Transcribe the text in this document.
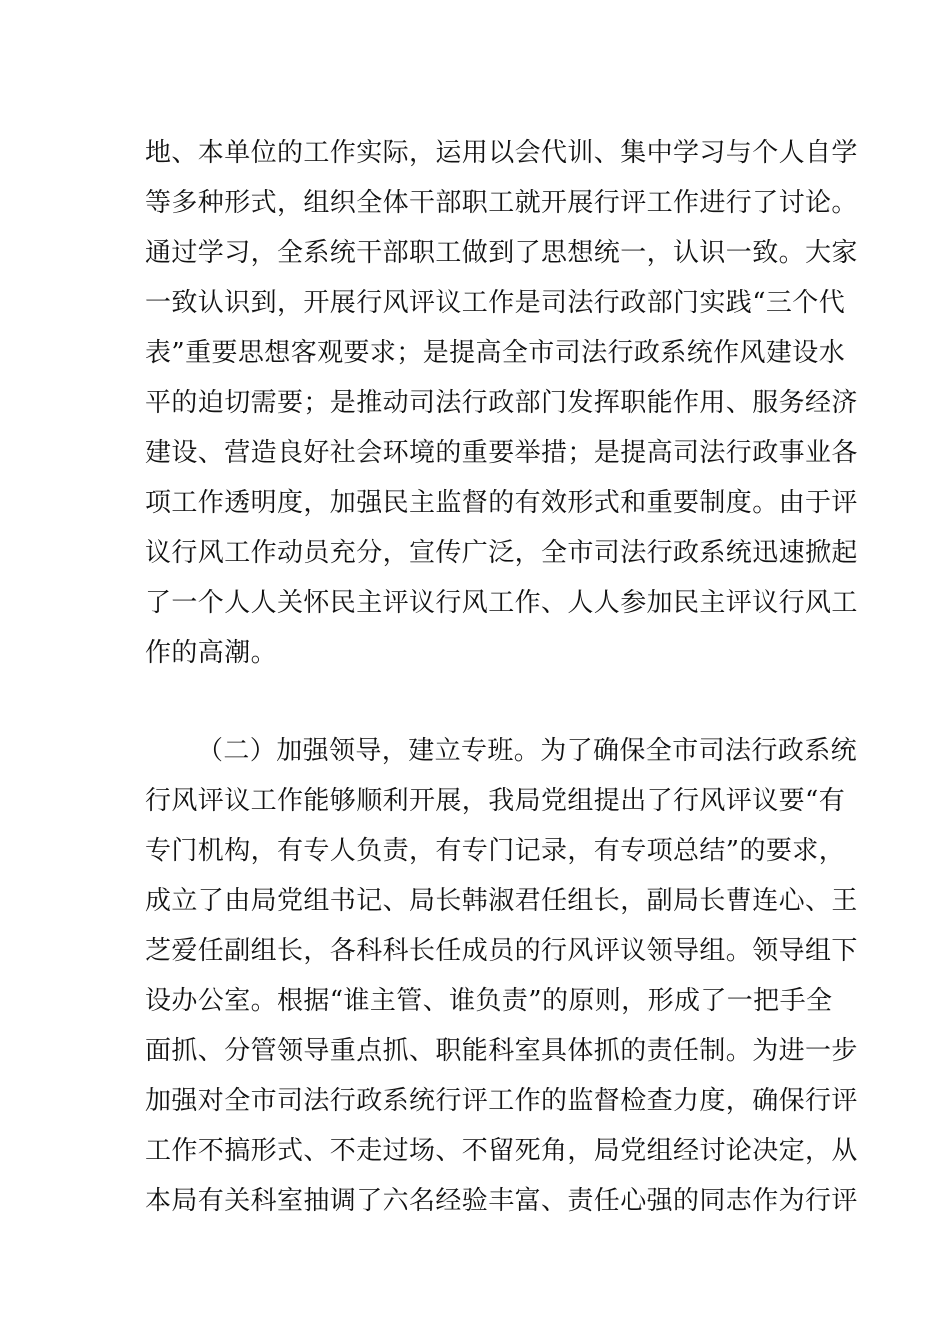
地、本单位的工作实际，运用以会代训、集中学习与个人自学
等多种形式，组织全体干部职工就开展行评工作进行了讨论。
通过学习，全系统干部职工做到了思想统一，认识一致。大家
一致认识到，开展行风评议工作是司法行政部门实践“三个代
表”重要思想客观要求；是提高全市司法行政系统作风建设水
平的迫切需要；是推动司法行政部门发挥职能作用、服务经济
建设、营造良好社会环境的重要举措；是提高司法行政事业各
项工作透明度，加强民主监督的有效形式和重要制度。由于评
议行风工作动员充分，宣传广泛，全市司法行政系统迅速掀起
了一个人人关怀民主评议行风工作、人人参加民主评议行风工
作的高潮。
（二）加强领导，建立专班。为了确保全市司法行政系统
行风评议工作能够顺利开展，我局党组提出了行风评议要“有
专门机构，有专人负责，有专门记录，有专项总结”的要求，
成立了由局党组书记、局长韩淑君任组长，副局长曹连心、王
芝爱任副组长，各科科长任成员的行风评议领导组。领导组下
设办公室。根据“谁主管、谁负责”的原则，形成了一把手全
面抓、分管领导重点抓、职能科室具体抓的责任制。为进一步
加强对全市司法行政系统行评工作的监督检查力度，确保行评
工作不搞形式、不走过场、不留死角，局党组经讨论决定，从
本局有关科室抽调了六名经验丰富、责任心强的同志作为行评
